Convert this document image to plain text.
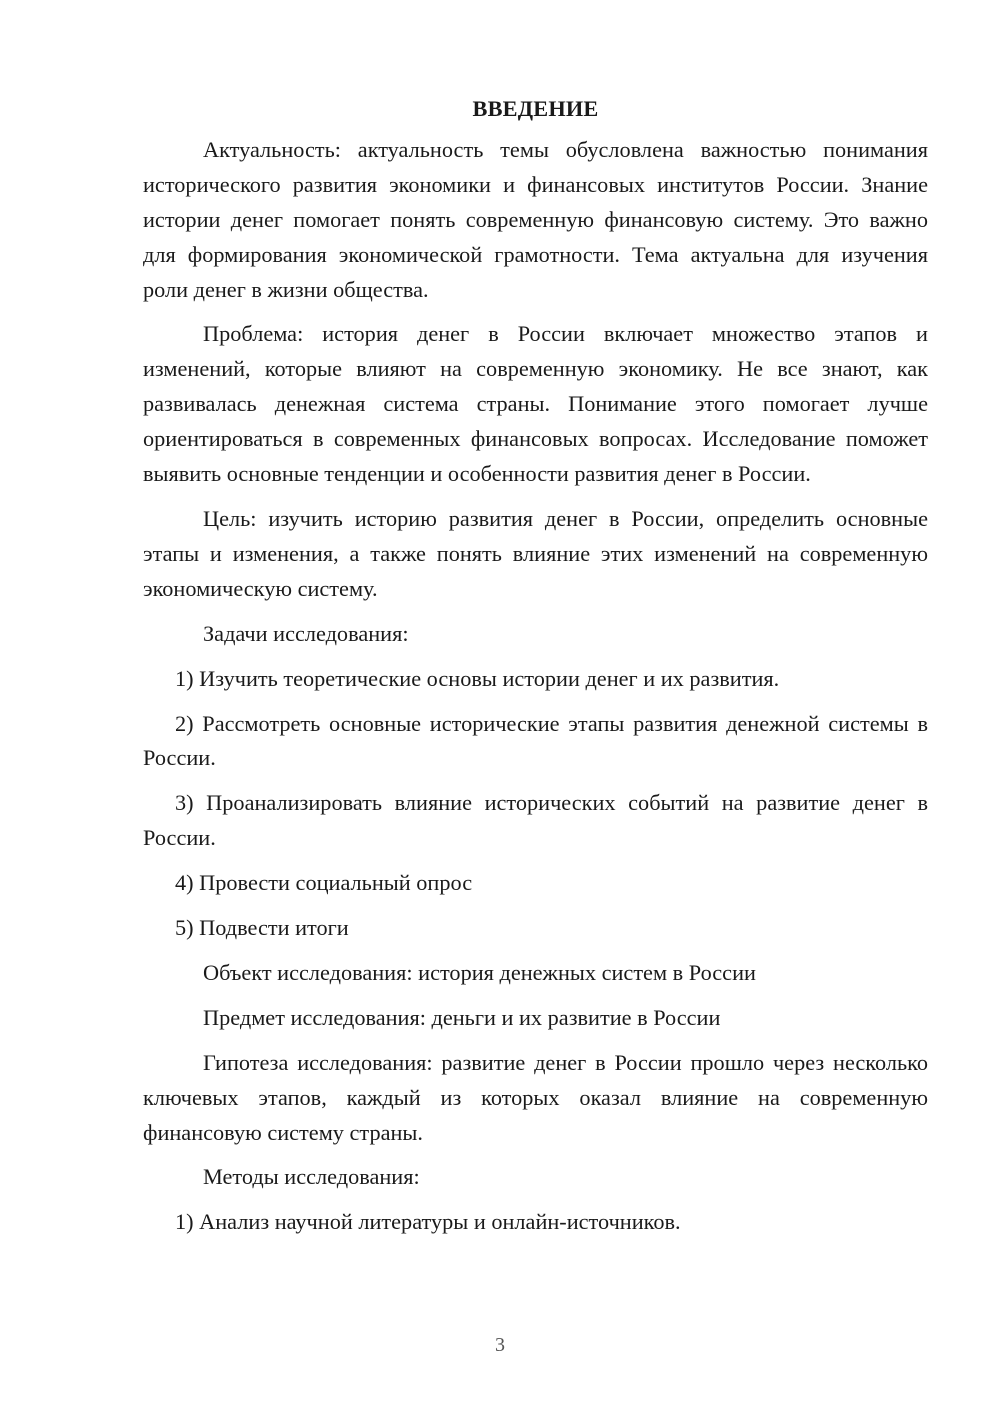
ВВЕДЕНИЕ

Актуальность: актуальность темы обусловлена важностью понимания исторического развития экономики и финансовых институтов России. Знание истории денег помогает понять современную финансовую систему. Это важно для формирования экономической грамотности. Тема актуальна для изучения роли денег в жизни общества.

Проблема: история денег в России включает множество этапов и изменений, которые влияют на современную экономику. Не все знают, как развивалась денежная система страны. Понимание этого помогает лучше ориентироваться в современных финансовых вопросах. Исследование поможет выявить основные тенденции и особенности развития денег в России.

Цель: изучить историю развития денег в России, определить основные этапы и изменения, а также понять влияние этих изменений на современную экономическую систему.

Задачи исследования:

1) Изучить теоретические основы истории денег и их развития.

2) Рассмотреть основные исторические этапы развития денежной системы в России.

3) Проанализировать влияние исторических событий на развитие денег в России.

4) Провести социальный опрос

5) Подвести итоги

Объект исследования: история денежных систем в России

Предмет исследования: деньги и их развитие в России

Гипотеза исследования: развитие денег в России прошло через несколько ключевых этапов, каждый из которых оказал влияние на современную финансовую систему страны.

Методы исследования:

1) Анализ научной литературы и онлайн-источников.

3
